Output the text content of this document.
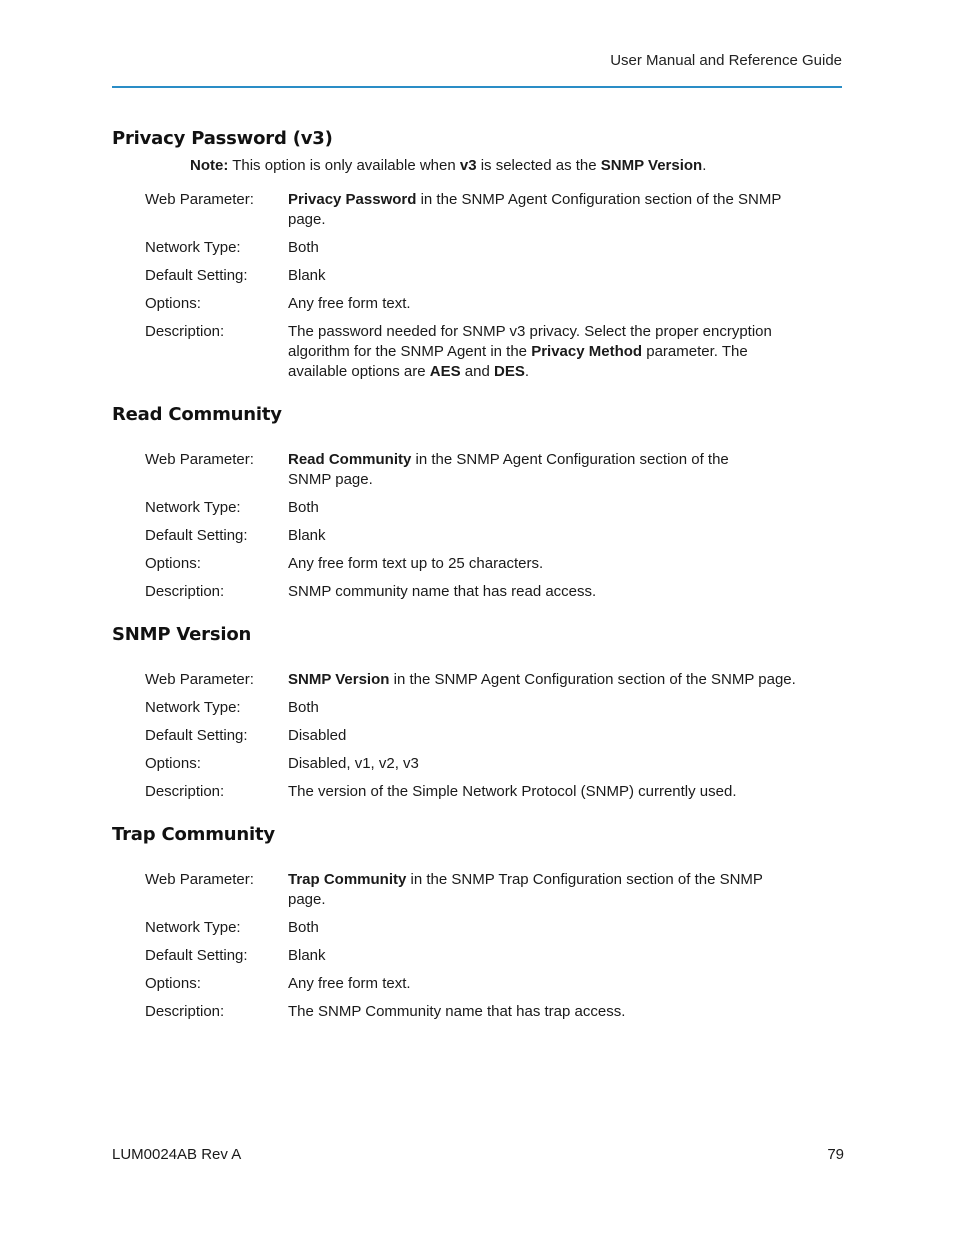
User Manual and Reference Guide
Privacy Password (v3)
Note: This option is only available when v3 is selected as the SNMP Version.
Web Parameter:	Privacy Password in the SNMP Agent Configuration section of the SNMP
page.
Network Type:	Both
Default Setting:	Blank
Options:	Any free form text.
Description:	The password needed for SNMP v3 privacy. Select the proper encryption
algorithm for the SNMP Agent in the Privacy Method parameter. The
available options are AES and DES.
Read Community
Web Parameter:	Read Community in the SNMP Agent Configuration section of the
SNMP page.
Network Type:	Both
Default Setting:	Blank
Options:	Any free form text up to 25 characters.
Description:	SNMP community name that has read access.
SNMP Version
Web Parameter:	SNMP Version in the SNMP Agent Configuration section of the SNMP page.
Network Type:	Both
Default Setting:	Disabled
Options:	Disabled, v1, v2, v3
Description:	The version of the Simple Network Protocol (SNMP) currently used.
Trap Community
Web Parameter:	Trap Community in the SNMP Trap Configuration section of the SNMP
page.
Network Type:	Both
Default Setting:	Blank
Options:	Any free form text.
Description:	The SNMP Community name that has trap access.
LUM0024AB Rev A	79
